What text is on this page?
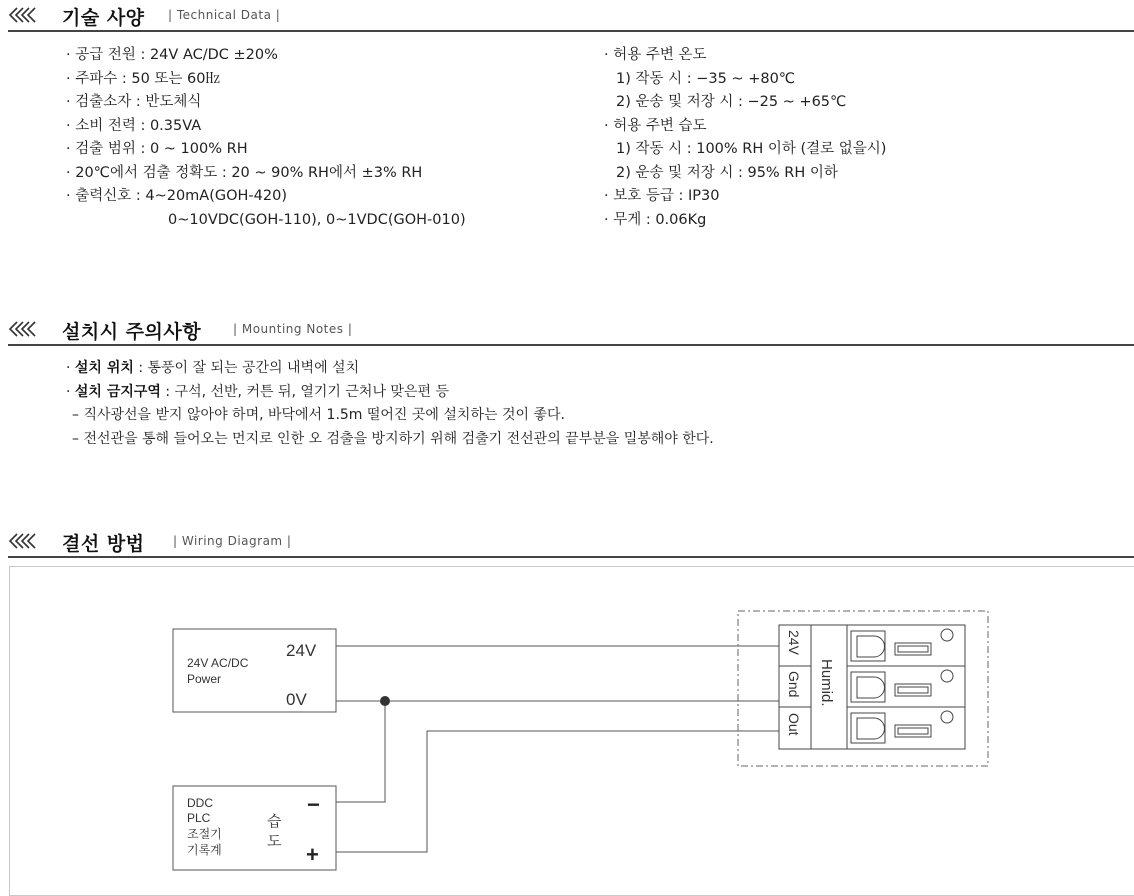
기술 사양 | Technical Data |
· 공급 전원 : 24V AC/DC ±20%
· 주파수 : 50 또는 60㎐
· 검출소자 : 반도체식
· 소비 전력 : 0.35VA
· 검출 범위 : 0 ~ 100% RH
· 20℃에서 검출 정확도 : 20 ~ 90% RH에서 ±3% RH
· 출력신호 : 4~20mA(GOH-420)
0~10VDC(GOH-110), 0~1VDC(GOH-010)
· 허용 주변 온도
1) 작동 시 : −35 ~ +80℃
2) 운송 및 저장 시 : −25 ~ +65℃
· 허용 주변 습도
1) 작동 시 : 100% RH 이하 (결로 없을시)
2) 운송 및 저장 시 : 95% RH 이하
· 보호 등급 : IP30
· 무게 : 0.06Kg
설치시 주의사항	| Mounting Notes |
· 설치 위치 : 통풍이 잘 되는 공간의 내벽에 설치
· 설치 금지구역 : 구석, 선반, 커튼 뒤, 열기기 근처나 맞은편 등
– 직사광선을 받지 않아야 하며, 바닥에서 1.5m 떨어진 곳에 설치하는 것이 좋다.
– 전선관을 통해 들어오는 먼지로 인한 오 검출을 방지하기 위해 검출기 전선관의 끝부분을 밀봉해야 한다.
결선 방법 | Wiring Diagram |
24V AC/DC
Power
24V
0V
DDC
PLC
조절기
기록계
습
도
−
+
24V
Gnd
Out
Humid.
